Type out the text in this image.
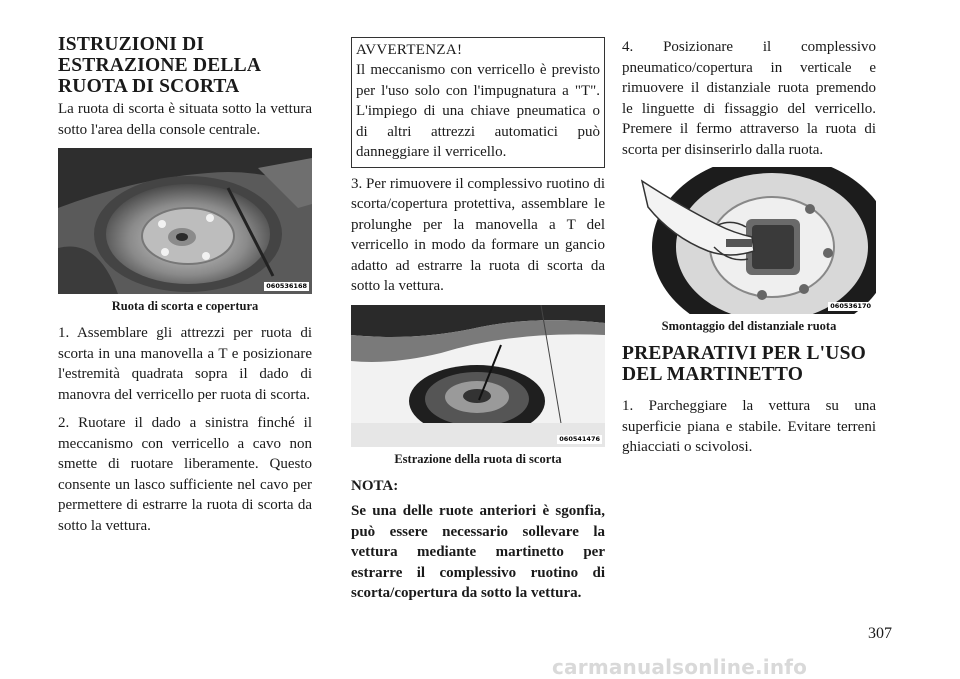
ISTRUZIONI DI
ESTRAZIONE DELLA
RUOTA DI SCORTA

La ruota di scorta è situata sotto la vettura sotto l'area della console centrale.

060536168
Ruota di scorta e copertura

1. Assemblare gli attrezzi per ruota di scorta in una manovella a T e posizionare l'estremità quadrata sopra il dado di manovra del verricello per ruota di scorta.

2. Ruotare il dado a sinistra finché il meccanismo con verricello a cavo non smette di ruotare liberamente. Questo consente un lasco sufficiente nel cavo per permettere di estrarre la ruota di scorta da sotto la vettura.

AVVERTENZA!

Il meccanismo con verricello è previsto per l'uso solo con l'impugnatura a "T". L'impiego di una chiave pneumatica o di altri attrezzi automatici può danneggiare il verricello.

3. Per rimuovere il complessivo ruotino di scorta/copertura protettiva, assemblare le prolunghe per la manovella a T del verricello in modo da formare un gancio adatto ad estrarre la ruota di scorta da sotto la vettura.

060541476
Estrazione della ruota di scorta

NOTA:

Se una delle ruote anteriori è sgonfia, può essere necessario sollevare la vettura mediante martinetto per estrarre il complessivo ruotino di scorta/copertura da sotto la vettura.

4. Posizionare il complessivo pneumatico/copertura in verticale e rimuovere il distanziale ruota premendo le linguette di fissaggio del verricello. Premere il fermo attraverso la ruota di scorta per disinserirlo dalla ruota.

060536170
Smontaggio del distanziale ruota
PREPARATIVI PER L'USO
DEL MARTINETTO

1. Parcheggiare la vettura su una superficie piana e stabile. Evitare terreni ghiacciati o scivolosi.

307
carmanualsonline.info
